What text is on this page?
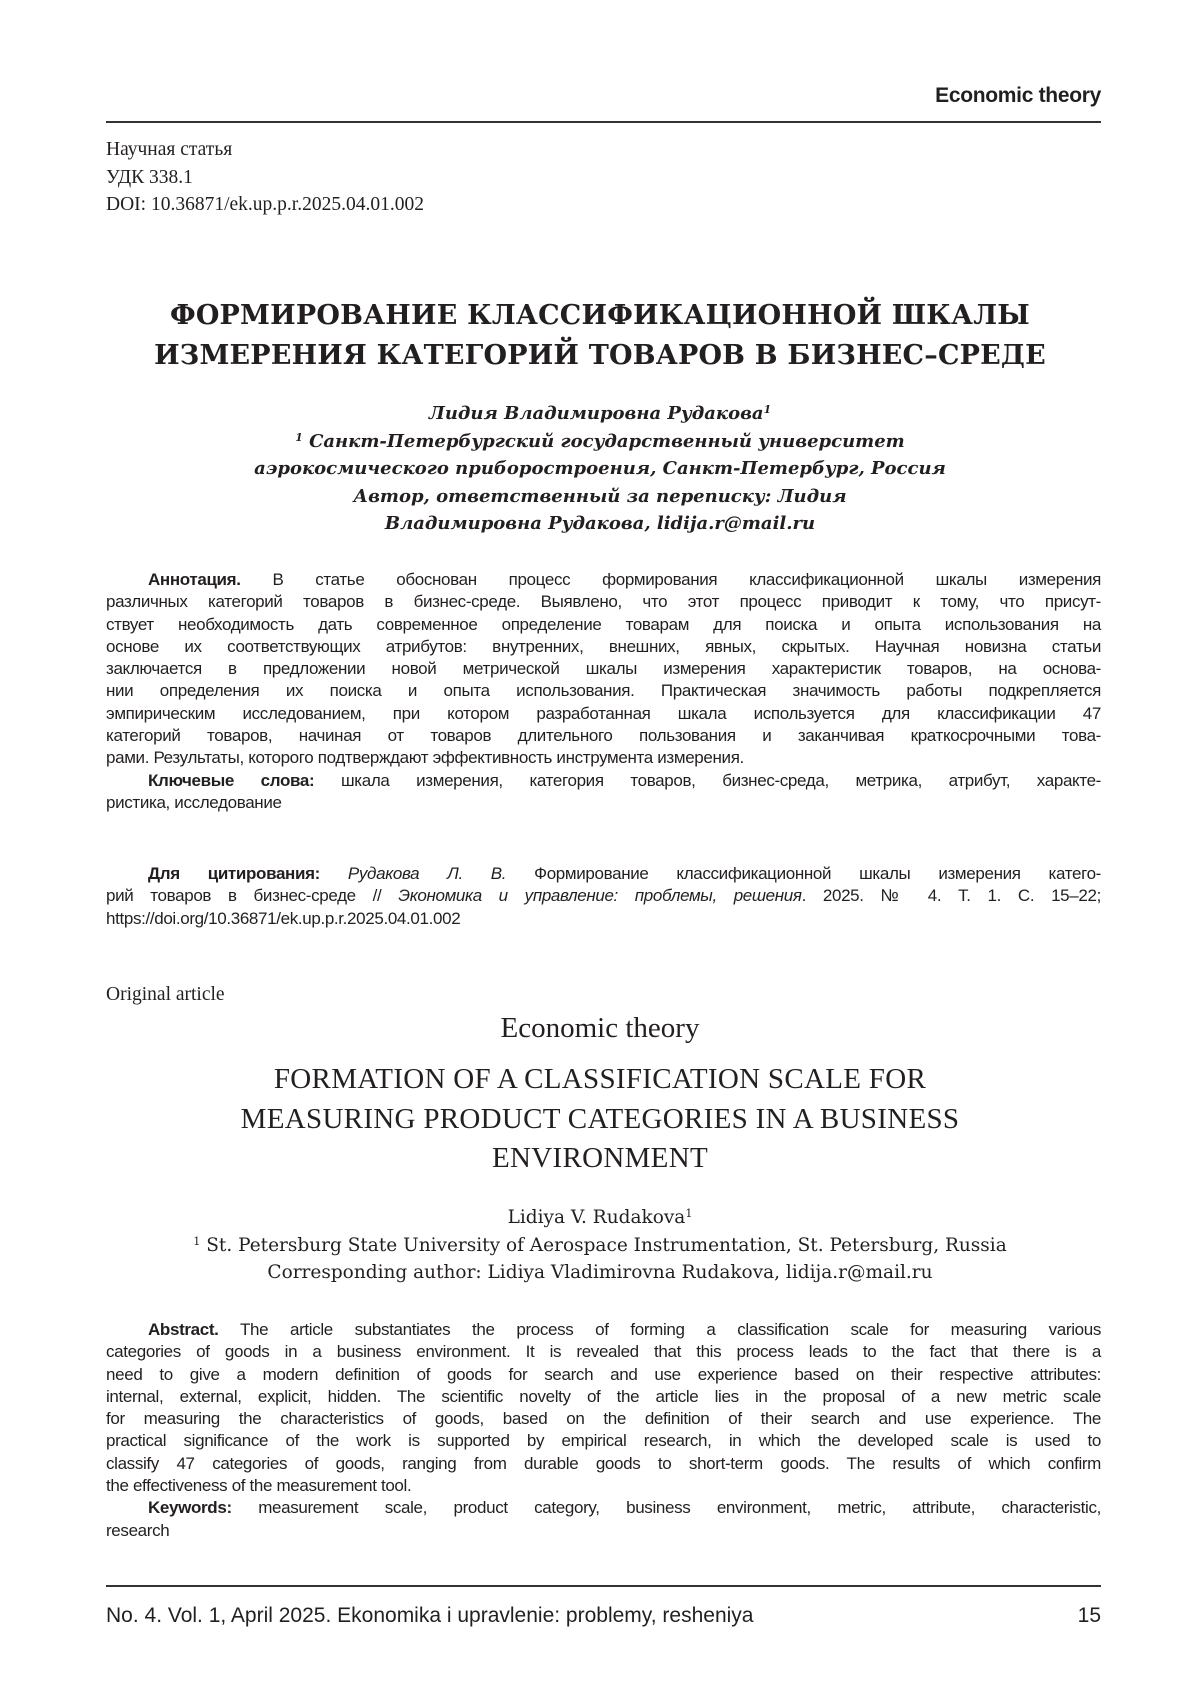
Economic theory
Научная статья
УДК 338.1
DOI: 10.36871/ek.up.p.r.2025.04.01.002
ФОРМИРОВАНИЕ КЛАССИФИКАЦИОННОЙ ШКАЛЫ
ИЗМЕРЕНИЯ КАТЕГОРИЙ ТОВАРОВ В БИЗНЕС–СРЕДЕ
Лидия Владимировна Рудакова1
1 Санкт-Петербургский государственный университет
аэрокосмического приборостроения, Санкт-Петербург, Россия
Автор, ответственный за переписку: Лидия
Владимировна Рудакова, lidija.r@mail.ru
Аннотация. В статье обоснован процесс формирования классификационной шкалы измерения
различных категорий товаров в бизнес-среде. Выявлено, что этот процесс приводит к тому, что присут-
ствует необходимость дать современное определение товарам для поиска и опыта использования на
основе их соответствующих атрибутов: внутренних, внешних, явных, скрытых. Научная новизна статьи
заключается в предложении новой метрической шкалы измерения характеристик товаров, на основа-
нии определения их поиска и опыта использования. Практическая значимость работы подкрепляется
эмпирическим исследованием, при котором разработанная шкала используется для классификации 47
категорий товаров, начиная от товаров длительного пользования и заканчивая краткосрочными това-
рами. Результаты, которого подтверждают эффективность инструмента измерения.
Ключевые слова: шкала измерения, категория товаров, бизнес-среда, метрика, атрибут, характе-
ристика, исследование
Для цитирования: Рудакова Л. В. Формирование классификационной шкалы измерения катего-
рий товаров в бизнес-среде // Экономика и управление: проблемы, решения. 2025. № 4. Т. 1. С. 15–22;
https://doi.org/10.36871/ek.up.p.r.2025.04.01.002
Original article
Economic theory
FORMATION OF A CLASSIFICATION SCALE FOR
MEASURING PRODUCT CATEGORIES IN A BUSINESS
ENVIRONMENT
Lidiya V. Rudakova1
1 St. Petersburg State University of Aerospace Instrumentation, St. Petersburg, Russia
Corresponding author: Lidiya Vladimirovna Rudakova, lidija.r@mail.ru
Abstract. The article substantiates the process of forming a classification scale for measuring various
categories of goods in a business environment. It is revealed that this process leads to the fact that there is a
need to give a modern definition of goods for search and use experience based on their respective attributes:
internal, external, explicit, hidden. The scientific novelty of the article lies in the proposal of a new metric scale
for measuring the characteristics of goods, based on the definition of their search and use experience. The
practical significance of the work is supported by empirical research, in which the developed scale is used to
classify 47 categories of goods, ranging from durable goods to short-term goods. The results of which confirm
the effectiveness of the measurement tool.
Keywords: measurement scale, product category, business environment, metric, attribute, characteristic,
research
No. 4. Vol. 1, April 2025. Ekonomika i upravlenie: problemy, resheniya	15
